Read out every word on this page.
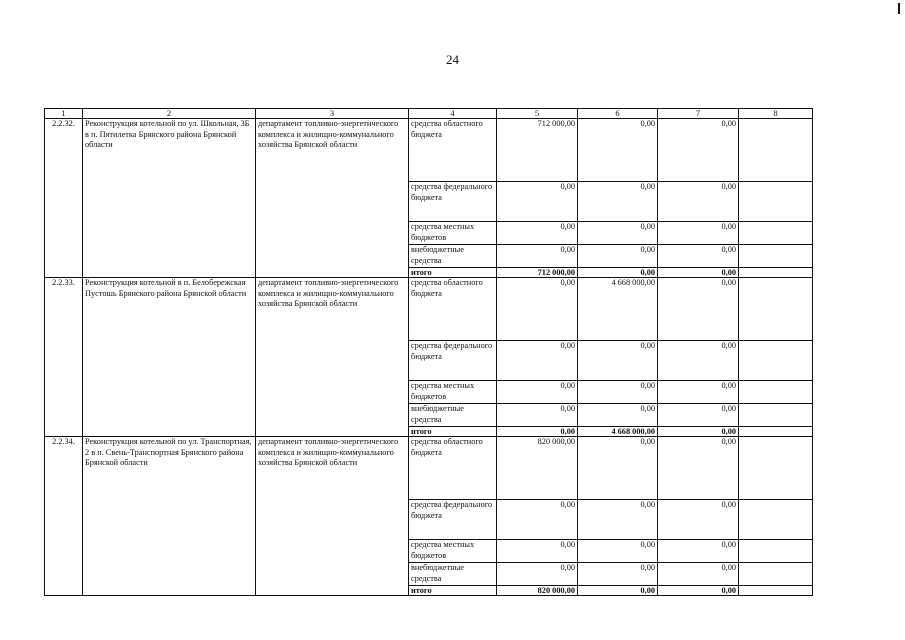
24
1	2	3	4	5	6	7	8
2.2.32.	Реконструкция котельной по ул. Школьная, 3Б в п. Пятилетка Брянского района Брянской области	департамент топливно-энергетического комплекса и жилищно-коммунального хозяйства Брянской области	средства областного бюджета	712 000,00	0,00	0,00	
			средства федерального бюджета	0,00	0,00	0,00	
			средства местных бюджетов	0,00	0,00	0,00	
			внебюджетные средства	0,00	0,00	0,00	
			итого	712 000,00	0,00	0,00	
2.2.33.	Реконструкция котельной в п. Белобережская Пустошь Брянского района Брянской области	департамент топливно-энергетического комплекса и жилищно-коммунального хозяйства Брянской области	средства областного бюджета	0,00	4 668 000,00	0,00	
			средства федерального бюджета	0,00	0,00	0,00	
			средства местных бюджетов	0,00	0,00	0,00	
			внебюджетные средства	0,00	0,00	0,00	
			итого	0,00	4 668 000,00	0,00	
2.2.34.	Реконструкция котельной по ул. Транспортная, 2 в п. Свень-Транспортная Брянского района Брянской области	департамент топливно-энергетического комплекса и жилищно-коммунального хозяйства Брянской области	средства областного бюджета	820 000,00	0,00	0,00	
			средства федерального бюджета	0,00	0,00	0,00	
			средства местных бюджетов	0,00	0,00	0,00	
			внебюджетные средства	0,00	0,00	0,00	
			итого	820 000,00	0,00	0,00	
